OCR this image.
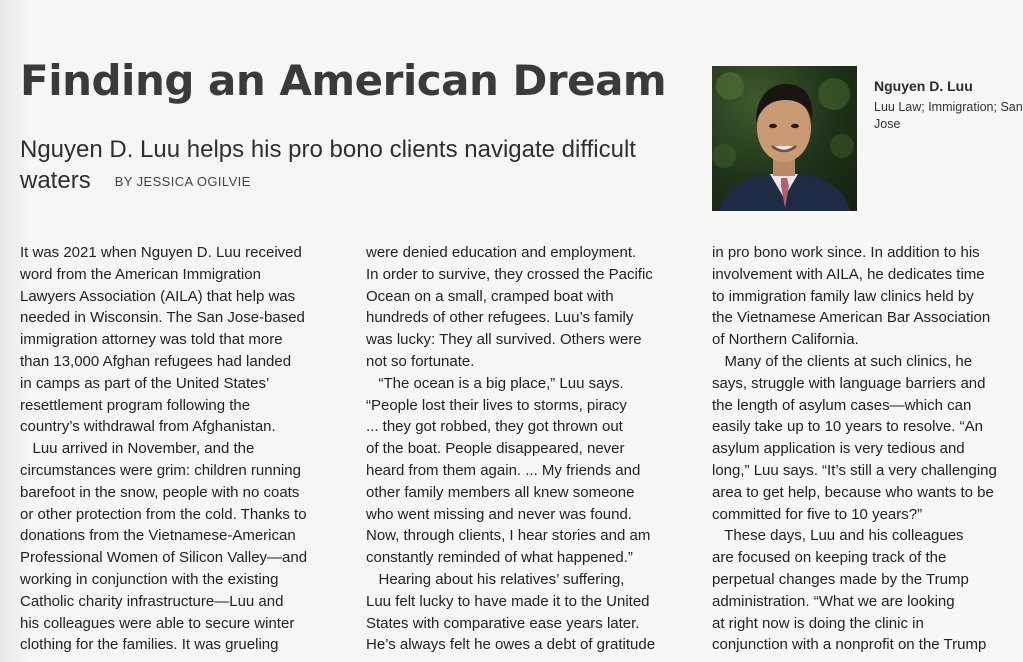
Finding an American Dream

Nguyen D. Luu helps his pro bono clients navigate difficult waters BY JESSICA OGILVIE

Nguyen D. Luu
Luu Law; Immigration; San Jose
It was 2021 when Nguyen D. Luu received
word from the American Immigration
Lawyers Association (AILA) that help was
needed in Wisconsin. The San Jose-based
immigration attorney was told that more
than 13,000 Afghan refugees had landed
in camps as part of the United States’
resettlement program following the
country’s withdrawal from Afghanistan.
Luu arrived in November, and the
circumstances were grim: children running
barefoot in the snow, people with no coats
or other protection from the cold. Thanks to
donations from the Vietnamese-American
Professional Women of Silicon Valley—and
working in conjunction with the existing
Catholic charity infrastructure—Luu and
his colleagues were able to secure winter
clothing for the families. It was grueling
were denied education and employment.
In order to survive, they crossed the Pacific
Ocean on a small, cramped boat with
hundreds of other refugees. Luu’s family
was lucky: They all survived. Others were
not so fortunate.
“The ocean is a big place,” Luu says.
“People lost their lives to storms, piracy
... they got robbed, they got thrown out
of the boat. People disappeared, never
heard from them again. ... My friends and
other family members all knew someone
who went missing and never was found.
Now, through clients, I hear stories and am
constantly reminded of what happened.”
Hearing about his relatives’ suffering,
Luu felt lucky to have made it to the United
States with comparative ease years later.
He’s always felt he owes a debt of gratitude
in pro bono work since. In addition to his
involvement with AILA, he dedicates time
to immigration family law clinics held by
the Vietnamese American Bar Association
of Northern California.
Many of the clients at such clinics, he
says, struggle with language barriers and
the length of asylum cases—which can
easily take up to 10 years to resolve. “An
asylum application is very tedious and
long,” Luu says. “It’s still a very challenging
area to get help, because who wants to be
committed for five to 10 years?”
These days, Luu and his colleagues
are focused on keeping track of the
perpetual changes made by the Trump
administration. “What we are looking
at right now is doing the clinic in
conjunction with a nonprofit on the Trump
